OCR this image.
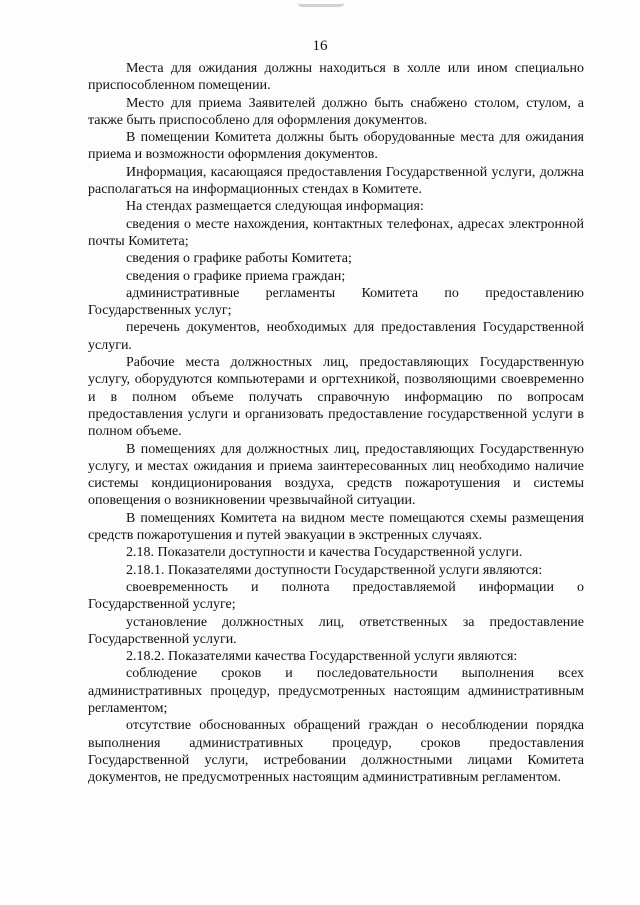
16

Места для ожидания должны находиться в холле или ином специально приспособленном помещении.

Место для приема Заявителей должно быть снабжено столом, стулом, а также быть приспособлено для оформления документов.

В помещении Комитета должны быть оборудованные места для ожидания приема и возможности оформления документов.

Информация, касающаяся предоставления Государственной услуги, должна располагаться на информационных стендах в Комитете.

На стендах размещается следующая информация:

сведения о месте нахождения, контактных телефонах, адресах электронной почты Комитета;

сведения о графике работы Комитета;

сведения о графике приема граждан;

административные регламенты Комитета по предоставлению Государственных услуг;

перечень документов, необходимых для предоставления Государственной услуги.

Рабочие места должностных лиц, предоставляющих Государственную услугу, оборудуются компьютерами и оргтехникой, позволяющими своевременно и в полном объеме получать справочную информацию по вопросам предоставления услуги и организовать предоставление государственной услуги в полном объеме.

В помещениях для должностных лиц, предоставляющих Государственную услугу, и местах ожидания и приема заинтересованных лиц необходимо наличие системы кондиционирования воздуха, средств пожаротушения и системы оповещения о возникновении чрезвычайной ситуации.

В помещениях Комитета на видном месте помещаются схемы размещения средств пожаротушения и путей эвакуации в экстренных случаях.

2.18. Показатели доступности и качества Государственной услуги.

2.18.1. Показателями доступности Государственной услуги являются:

своевременность и полнота предоставляемой информации о Государственной услуге;

установление должностных лиц, ответственных за предоставление Государственной услуги.

2.18.2. Показателями качества Государственной услуги являются:

соблюдение сроков и последовательности выполнения всех административных процедур, предусмотренных настоящим административным регламентом;

отсутствие обоснованных обращений граждан о несоблюдении порядка выполнения административных процедур, сроков предоставления Государственной услуги, истребовании должностными лицами Комитета документов, не предусмотренных настоящим административным регламентом.
